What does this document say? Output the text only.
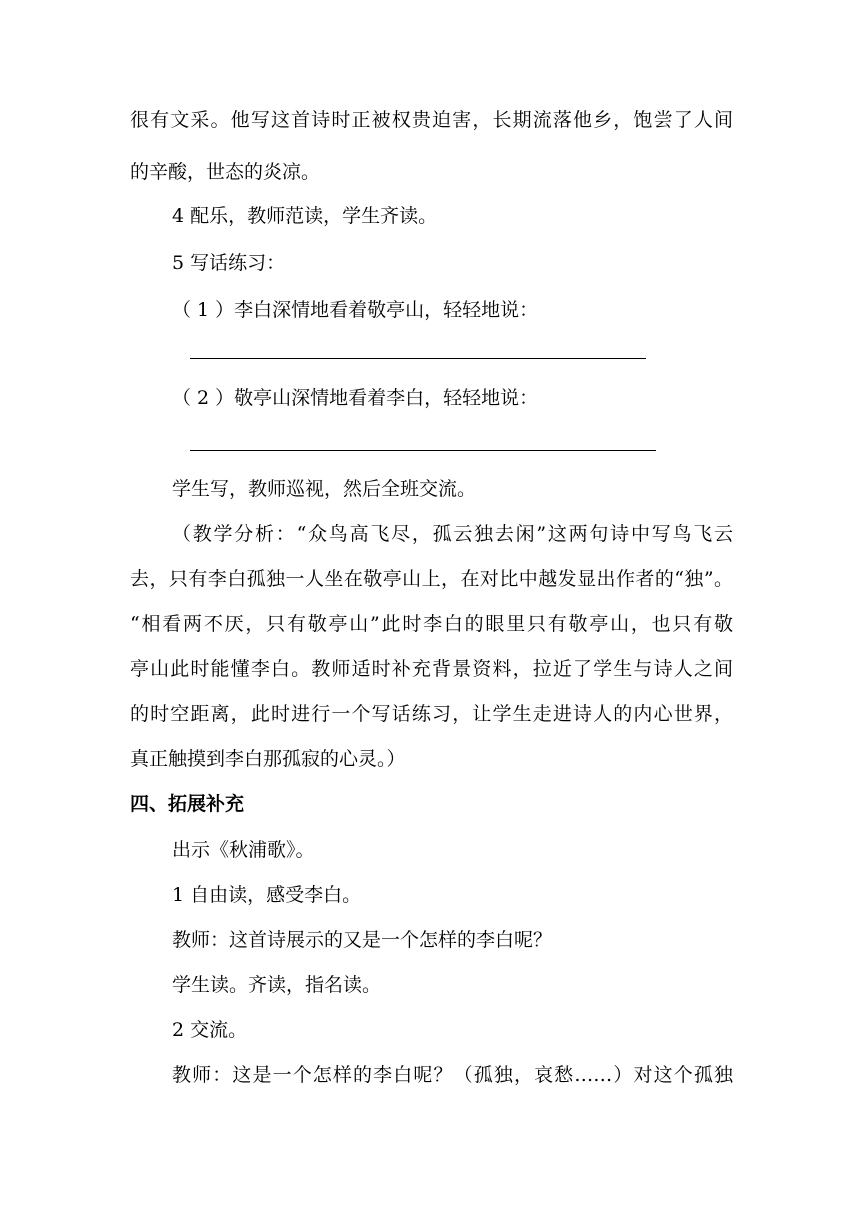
很有文采。他写这首诗时正被权贵迫害，长期流落他乡，饱尝了人间
的辛酸，世态的炎凉。
4 配乐，教师范读，学生齐读。
5 写话练习：
（ 1 ）李白深情地看着敬亭山，轻轻地说：
（ 2 ）敬亭山深情地看着李白，轻轻地说：
学生写，教师巡视，然后全班交流。
（教学分析：“众鸟高飞尽，孤云独去闲”这两句诗中写鸟飞云
去，只有李白孤独一人坐在敬亭山上，在对比中越发显出作者的“独”。
“相看两不厌，只有敬亭山”此时李白的眼里只有敬亭山，也只有敬
亭山此时能懂李白。教师适时补充背景资料，拉近了学生与诗人之间
的时空距离，此时进行一个写话练习，让学生走进诗人的内心世界，
真正触摸到李白那孤寂的心灵。）
四、拓展补充
出示《秋浦歌》。
1 自由读，感受李白。
教师：这首诗展示的又是一个怎样的李白呢？
学生读。齐读，指名读。
2 交流。
教师：这是一个怎样的李白呢？（孤独，哀愁……）对这个孤独
